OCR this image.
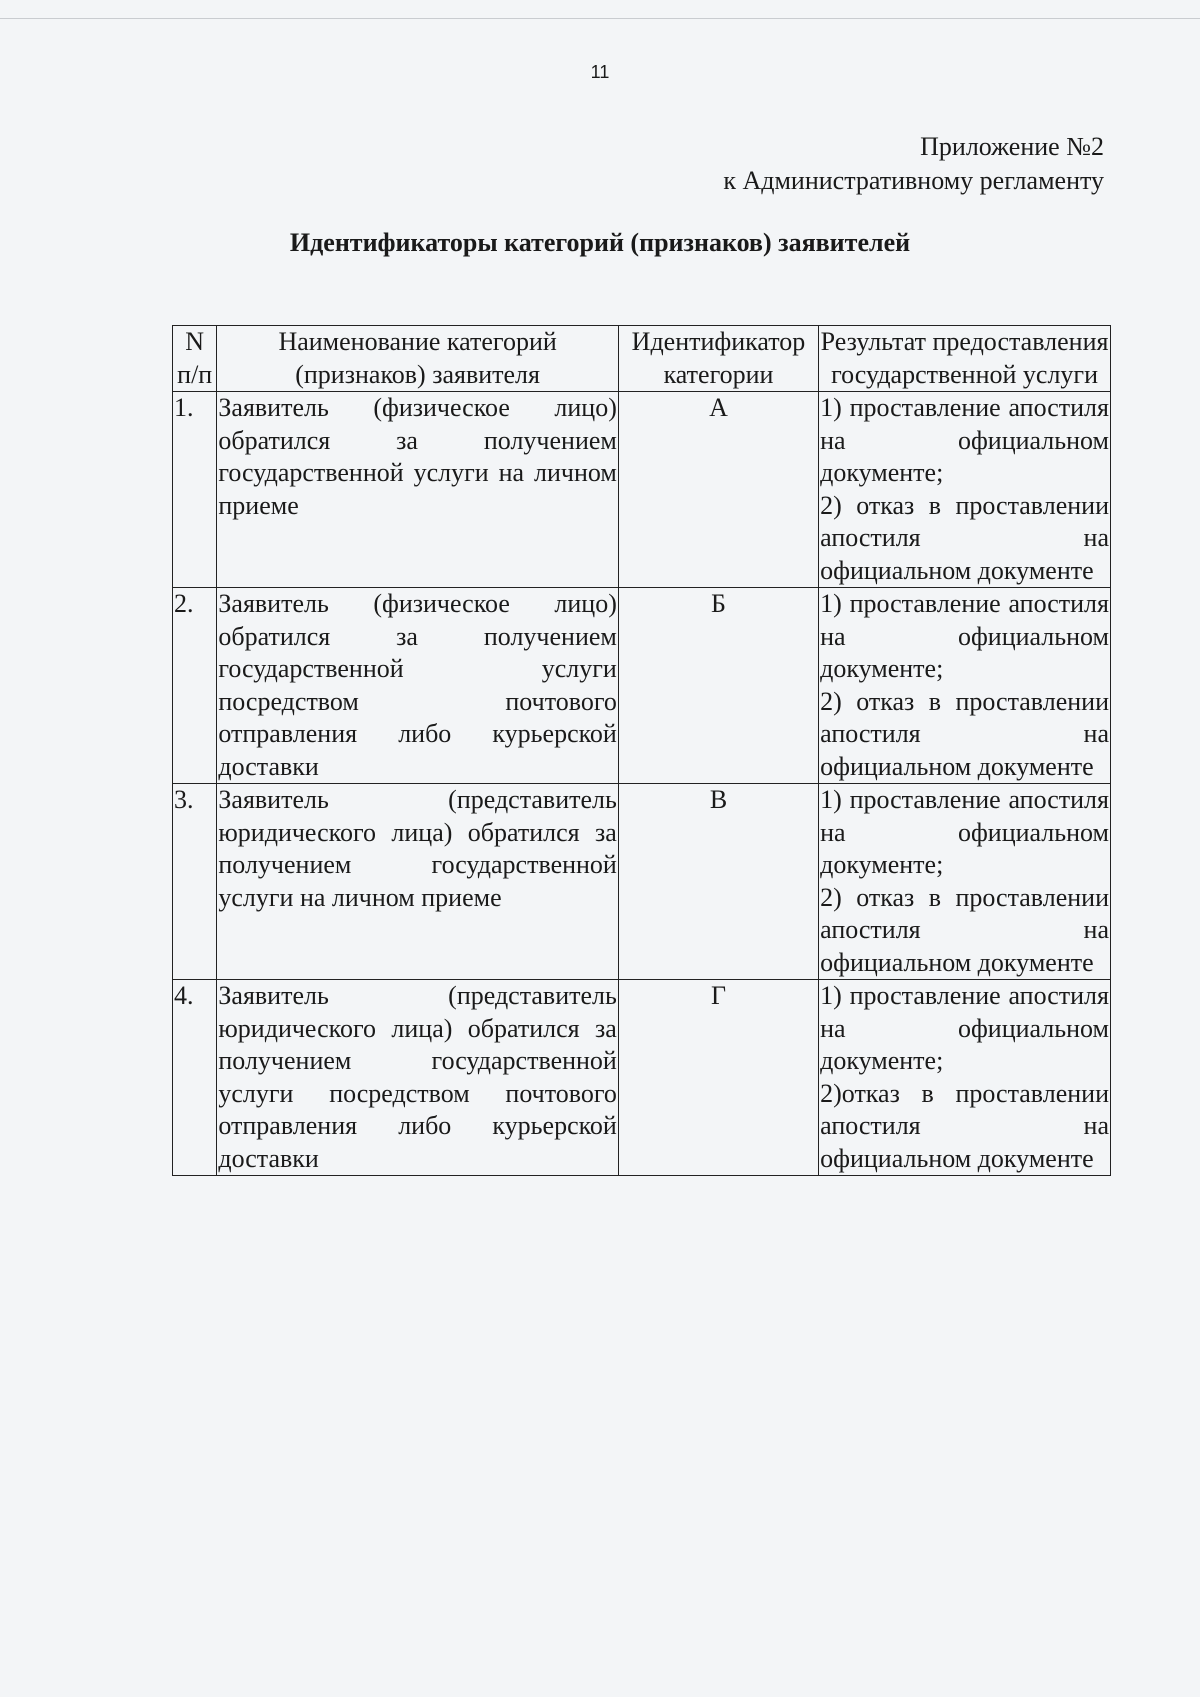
11
Приложение №2
к Административному регламенту
Идентификаторы категорий (признаков) заявителей
N п/п	Наименование категорий (признаков) заявителя	Идентификатор категории	Результат предоставления государственной услуги
1.	Заявитель (физическое лицо) обратился за получением государственной услуги на личном приеме	А	1) проставление апостиля на официальном документе;
2) отказ в проставлении апостиля на официальном документе

2.	Заявитель (физическое лицо) обратился за получением государственной услуги посредством почтового отправления либо курьерской доставки	Б	1) проставление апостиля на официальном документе;
2) отказ в проставлении апостиля на официальном документе

3.	Заявитель (представитель юридического лица) обратился за получением государственной услуги на личном приеме	В	1) проставление апостиля на официальном документе;
2) отказ в проставлении апостиля на официальном документе

4.	Заявитель (представитель юридического лица) обратился за получением государственной услуги посредством почтового отправления либо курьерской доставки	Г	1) проставление апостиля на официальном документе;
2)отказ в проставлении апостиля на официальном документе
